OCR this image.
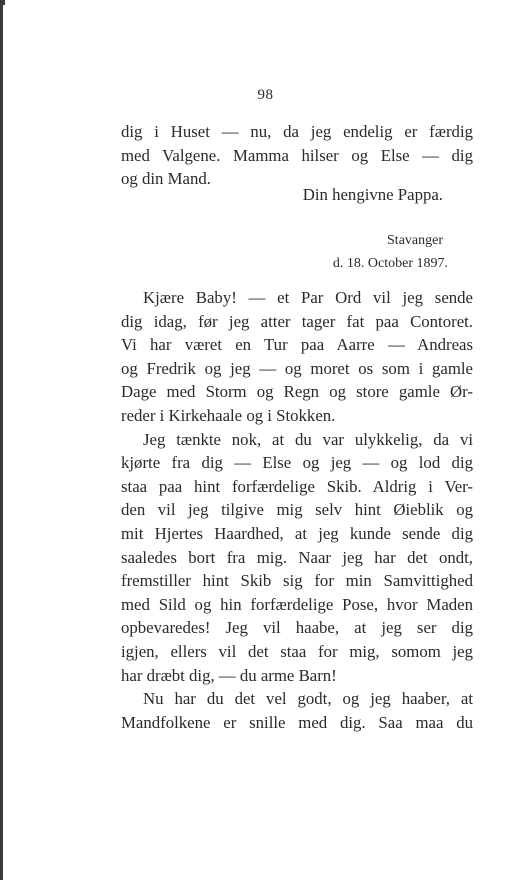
98
dig i Huset — nu, da jeg endelig er færdig
med Valgene. Mamma hilser og Else — dig
og din Mand.
Din hengivne Pappa.
Stavanger
d. 18. October 1897.
Kjære Baby! — et Par Ord vil jeg sende
dig idag, før jeg atter tager fat paa Contoret.
Vi har været en Tur paa Aarre — Andreas
og Fredrik og jeg — og moret os som i gamle
Dage med Storm og Regn og store gamle Ør-
reder i Kirkehaale og i Stokken.
Jeg tænkte nok, at du var ulykkelig, da vi
kjørte fra dig — Else og jeg — og lod dig
staa paa hint forfærdelige Skib. Aldrig i Ver-
den vil jeg tilgive mig selv hint Øieblik og
mit Hjertes Haardhed, at jeg kunde sende dig
saaledes bort fra mig. Naar jeg har det ondt,
fremstiller hint Skib sig for min Samvittighed
med Sild og hin forfærdelige Pose, hvor Maden
opbevaredes! Jeg vil haabe, at jeg ser dig
igjen, ellers vil det staa for mig, somom jeg
har dræbt dig, — du arme Barn!
Nu har du det vel godt, og jeg haaber, at
Mandfolkene er snille med dig. Saa maa du
